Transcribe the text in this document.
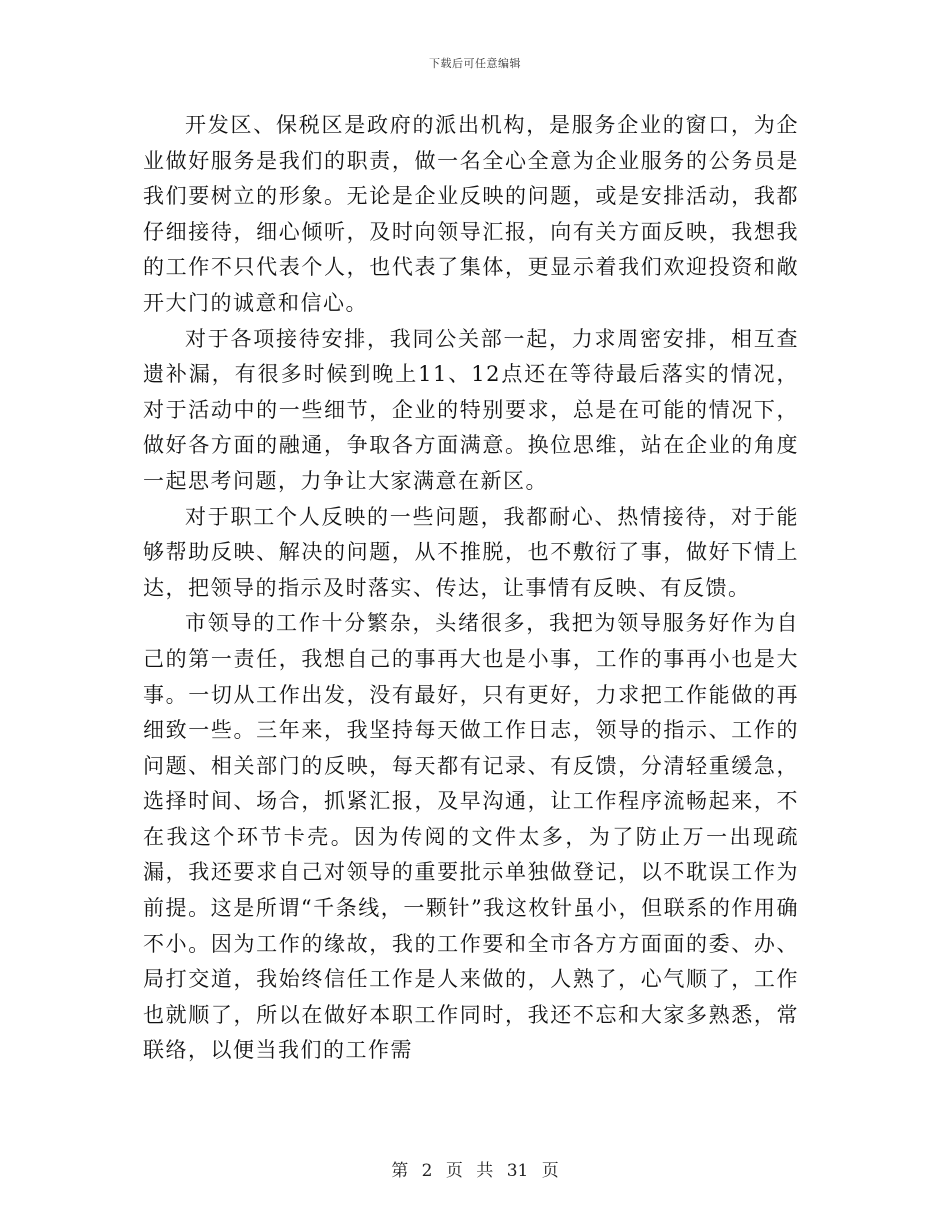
下载后可任意编辑

开发区、保税区是政府的派出机构，是服务企业的窗口，为企业做好服务是我们的职责，做一名全心全意为企业服务的公务员是我们要树立的形象。无论是企业反映的问题，或是安排活动，我都仔细接待，细心倾听，及时向领导汇报，向有关方面反映，我想我的工作不只代表个人，也代表了集体，更显示着我们欢迎投资和敞开大门的诚意和信心。

对于各项接待安排，我同公关部一起，力求周密安排，相互查遗补漏，有很多时候到晚上11、12点还在等待最后落实的情况，对于活动中的一些细节，企业的特别要求，总是在可能的情况下，做好各方面的融通，争取各方面满意。换位思维，站在企业的角度一起思考问题，力争让大家满意在新区。

对于职工个人反映的一些问题，我都耐心、热情接待，对于能够帮助反映、解决的问题，从不推脱，也不敷衍了事，做好下情上达，把领导的指示及时落实、传达，让事情有反映、有反馈。

市领导的工作十分繁杂，头绪很多，我把为领导服务好作为自己的第一责任，我想自己的事再大也是小事，工作的事再小也是大事。一切从工作出发，没有最好，只有更好，力求把工作能做的再细致一些。三年来，我坚持每天做工作日志，领导的指示、工作的问题、相关部门的反映，每天都有记录、有反馈，分清轻重缓急，选择时间、场合，抓紧汇报，及早沟通，让工作程序流畅起来，不在我这个环节卡壳。因为传阅的文件太多，为了防止万一出现疏漏，我还要求自己对领导的重要批示单独做登记，以不耽误工作为前提。这是所谓“千条线，一颗针”我这枚针虽小，但联系的作用确不小。因为工作的缘故，我的工作要和全市各方方面面的委、办、局打交道，我始终信任工作是人来做的，人熟了，心气顺了，工作也就顺了，所以在做好本职工作同时，我还不忘和大家多熟悉，常联络，以便当我们的工作需

第 2 页 共 31 页
